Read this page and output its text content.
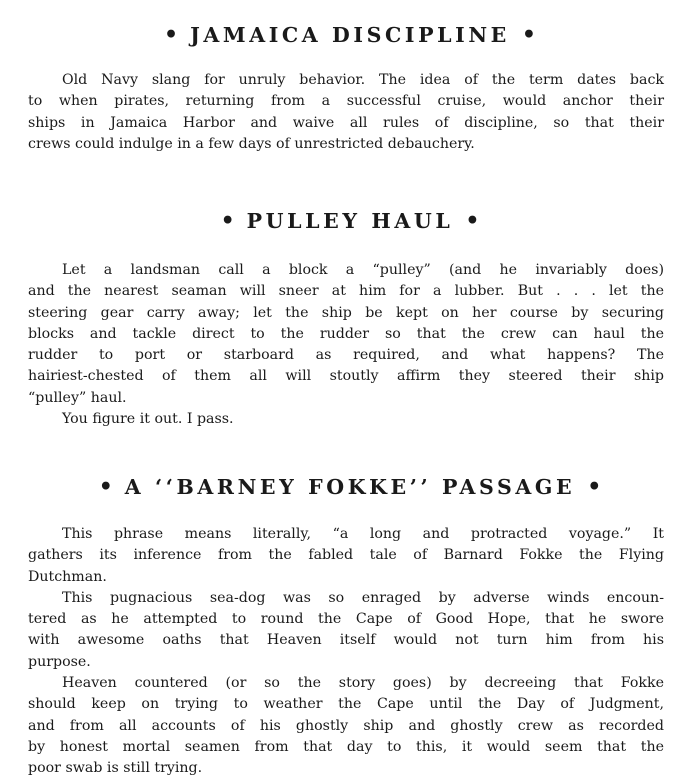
• JAMAICA DISCIPLINE •
Old Navy slang for unruly behavior. The idea of the term dates back
to when pirates, returning from a successful cruise, would anchor their
ships in Jamaica Harbor and waive all rules of discipline, so that their
crews could indulge in a few days of unrestricted debauchery.
• PULLEY HAUL •
Let a landsman call a block a “pulley” (and he invariably does)
and the nearest seaman will sneer at him for a lubber. But . . . let the
steering gear carry away; let the ship be kept on her course by securing
blocks and tackle direct to the rudder so that the crew can haul the
rudder to port or starboard as required, and what happens? The
hairiest-chested of them all will stoutly affirm they steered their ship
“pulley” haul.
You figure it out. I pass.
• A ‘‘BARNEY FOKKE’’ PASSAGE •
This phrase means literally, “a long and protracted voyage.” It
gathers its inference from the fabled tale of Barnard Fokke the Flying
Dutchman.
This pugnacious sea-dog was so enraged by adverse winds encoun-
tered as he attempted to round the Cape of Good Hope, that he swore
with awesome oaths that Heaven itself would not turn him from his
purpose.
Heaven countered (or so the story goes) by decreeing that Fokke
should keep on trying to weather the Cape until the Day of Judgment,
and from all accounts of his ghostly ship and ghostly crew as recorded
by honest mortal seamen from that day to this, it would seem that the
poor swab is still trying.
